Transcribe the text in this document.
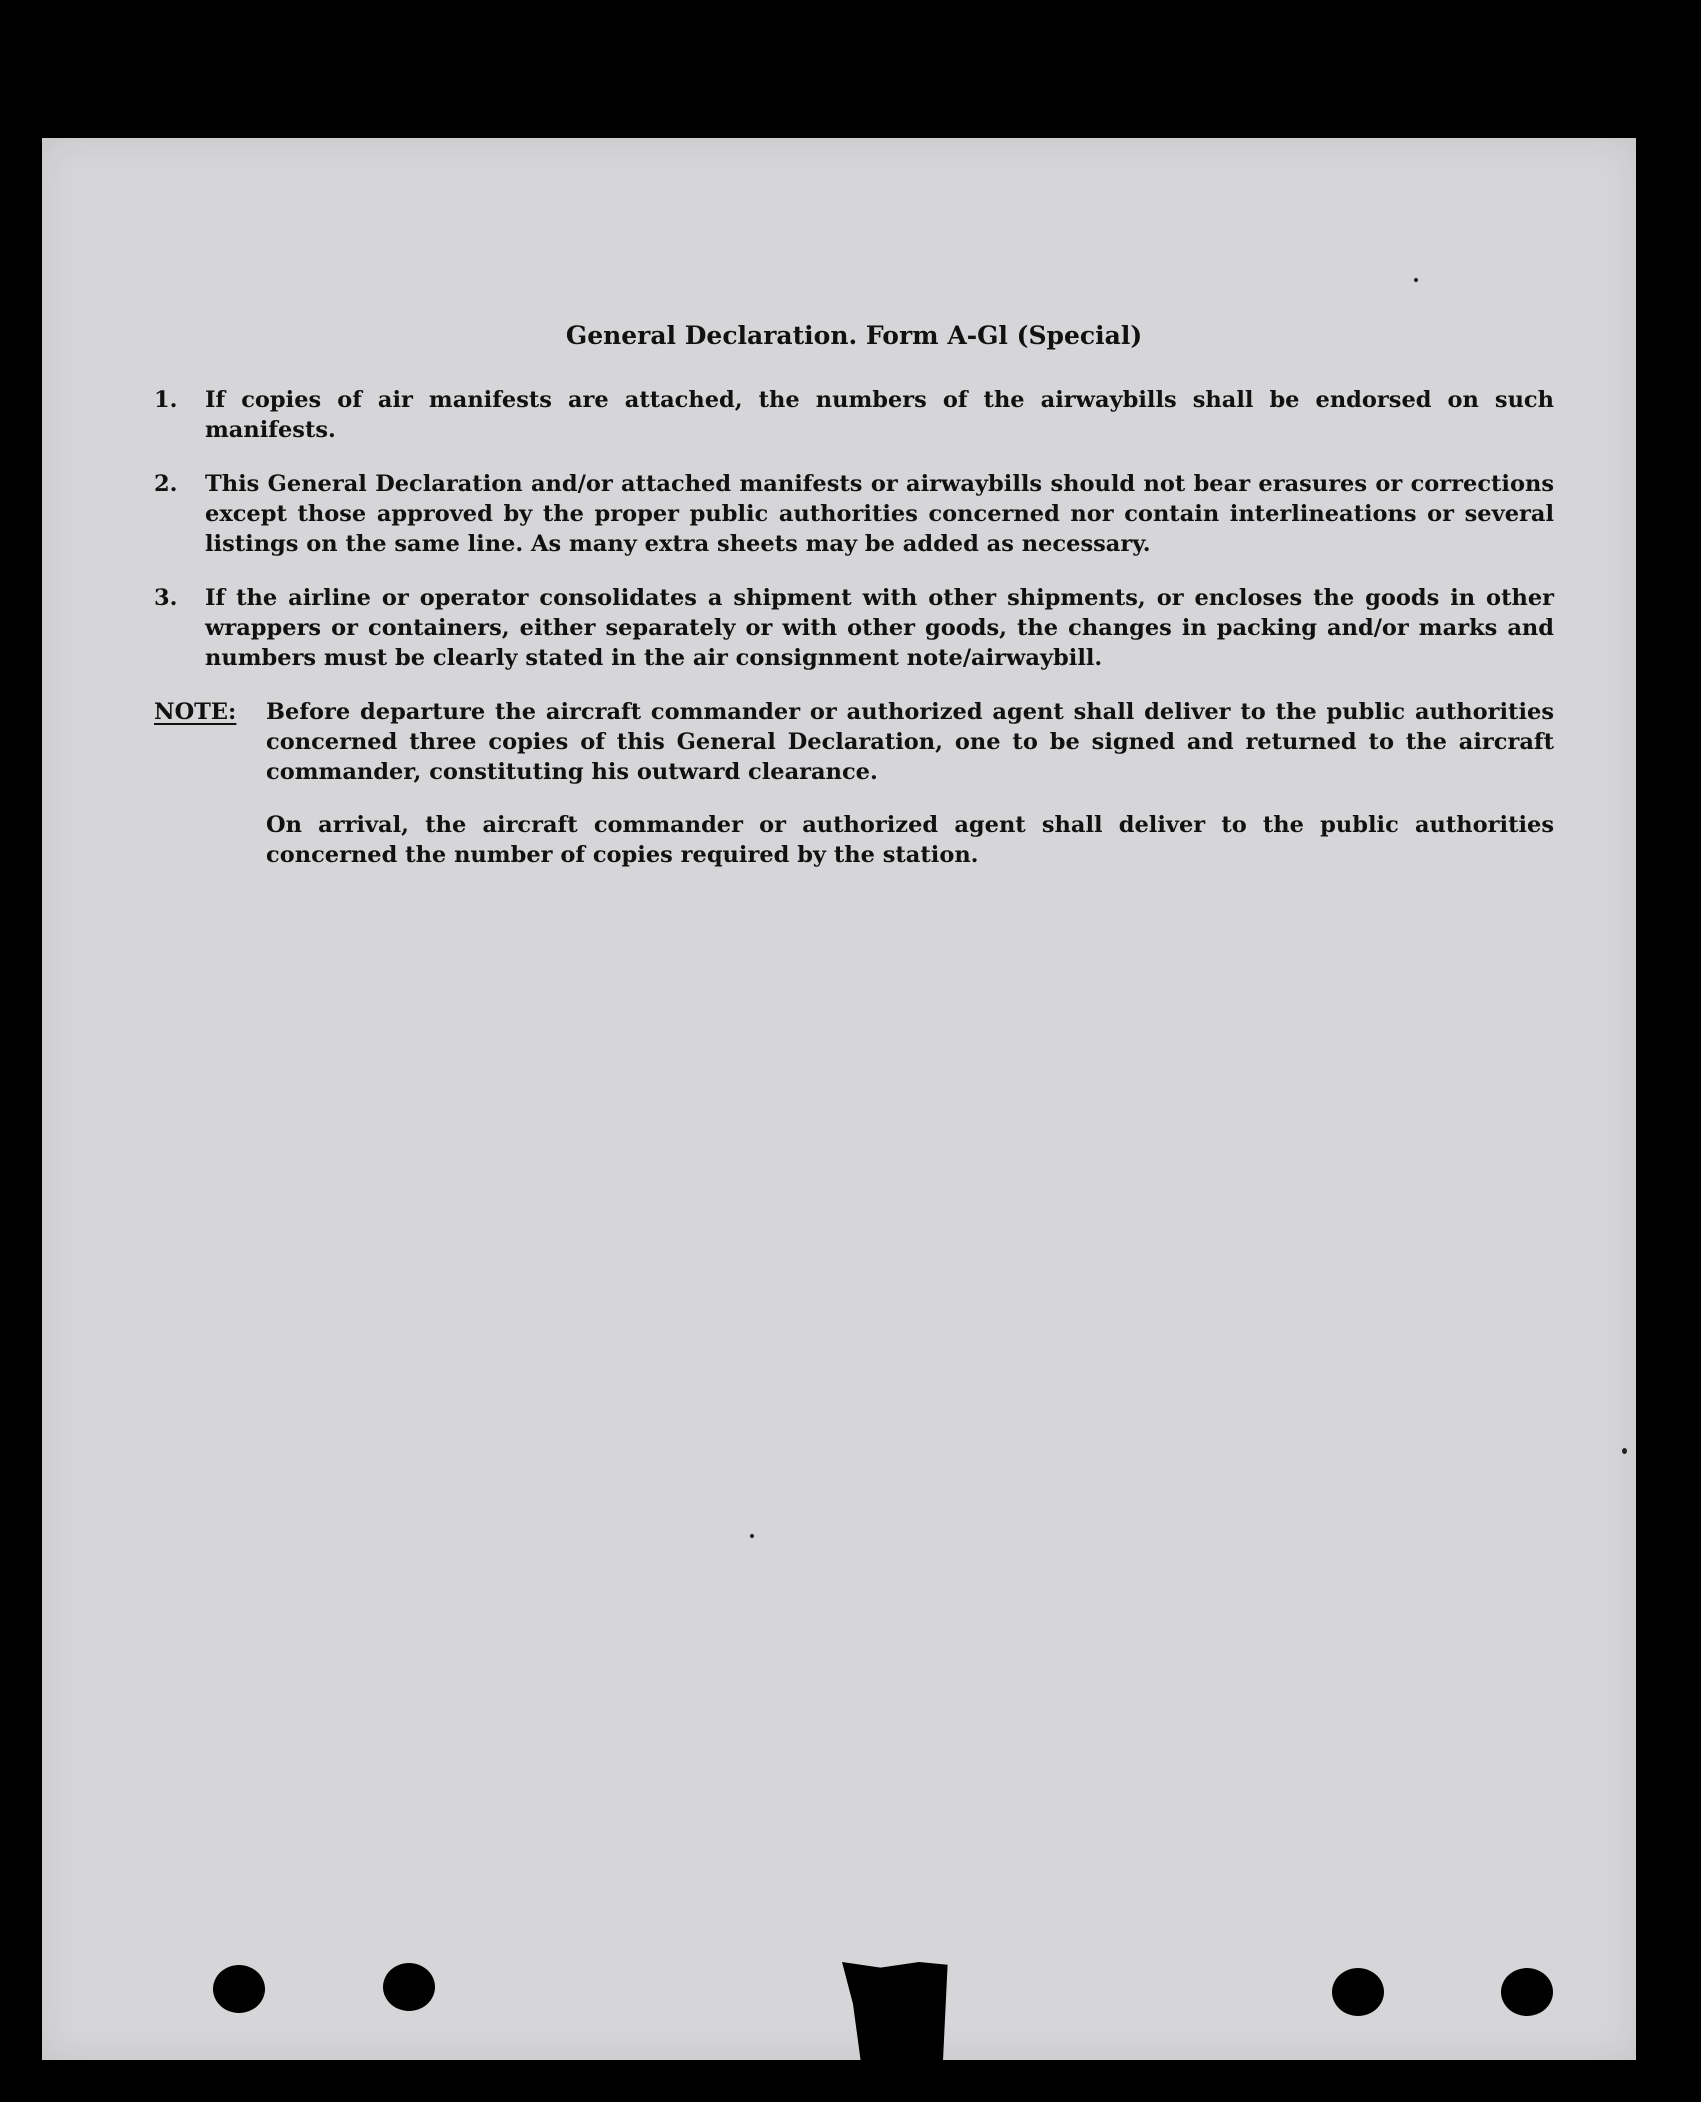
General Declaration. Form A-Gl (Special)
1.	If copies of air manifests are attached, the numbers of the airwaybills shall be endorsed on such manifests.
2.	This General Declaration and/or attached manifests or airwaybills should not bear erasures or corrections except those approved by the proper public authorities concerned nor contain interlineations or several listings on the same line. As many extra sheets may be added as necessary.
3.	If the airline or operator consolidates a shipment with other shipments, or encloses the goods in other wrappers or containers, either separately or with other goods, the changes in packing and/or marks and numbers must be clearly stated in the air consignment note/airwaybill.
NOTE:	Before departure the aircraft commander or authorized agent shall deliver to the public authorities concerned three copies of this General Declaration, one to be signed and returned to the aircraft commander, constituting his outward clearance.

On arrival, the aircraft commander or authorized agent shall deliver to the public authorities concerned the number of copies required by the station.
